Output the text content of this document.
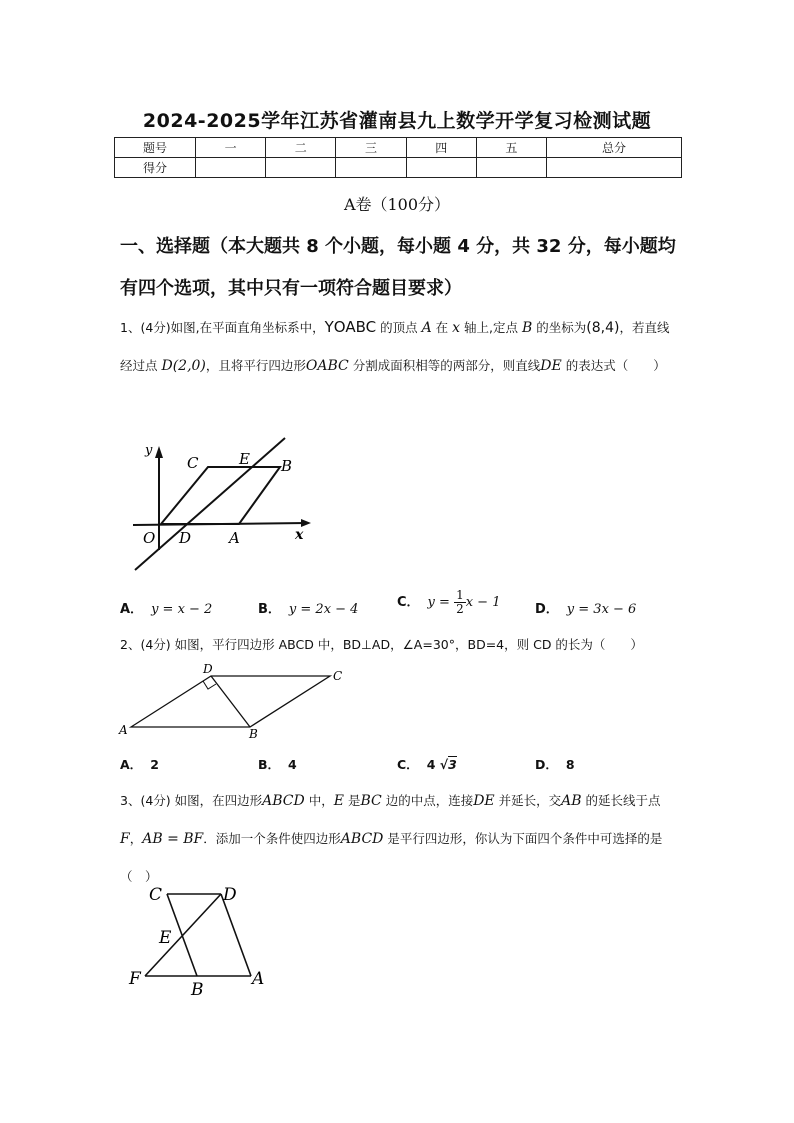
2024-2025学年江苏省灌南县九上数学开学复习检测试题
题号	一	二	三	四	五	总分
得分						
A卷（100分）
一、选择题（本大题共 8 个小题，每小题 4 分，共 32 分，每小题均有四个选项，其中只有一项符合题目要求）
1、(4分)如图,在平面直角坐标系中，ΥOABC 的顶点 A 在 x 轴上,定点 B 的坐标为(8,4)，若直线经过点 D(2,0)，且将平行四边形OABC 分割成面积相等的两部分，则直线DE 的表达式（　　）
y
x
O
C	E B
D	A
A． y = x − 2	B． y = 2x − 4	C． $y = \frac{1}{2}$ x − 1	D． y = 3x − 6
2、(4分) 如图，平行四边形 ABCD 中，BD⊥AD，∠A=30°，BD=4，则 CD 的长为（　　）
D	C
A	B
A． 2	B． 4	C． 4 √3	D． 8
3、(4分) 如图，在四边形ABCD 中，E 是BC 边的中点，连接DE 并延长，交AB 的延长线于点F，AB = BF．添加一个条件使四边形ABCD 是平行四边形，你认为下面四个条件中可选择的是（　）
C	D
E
F
B
A
